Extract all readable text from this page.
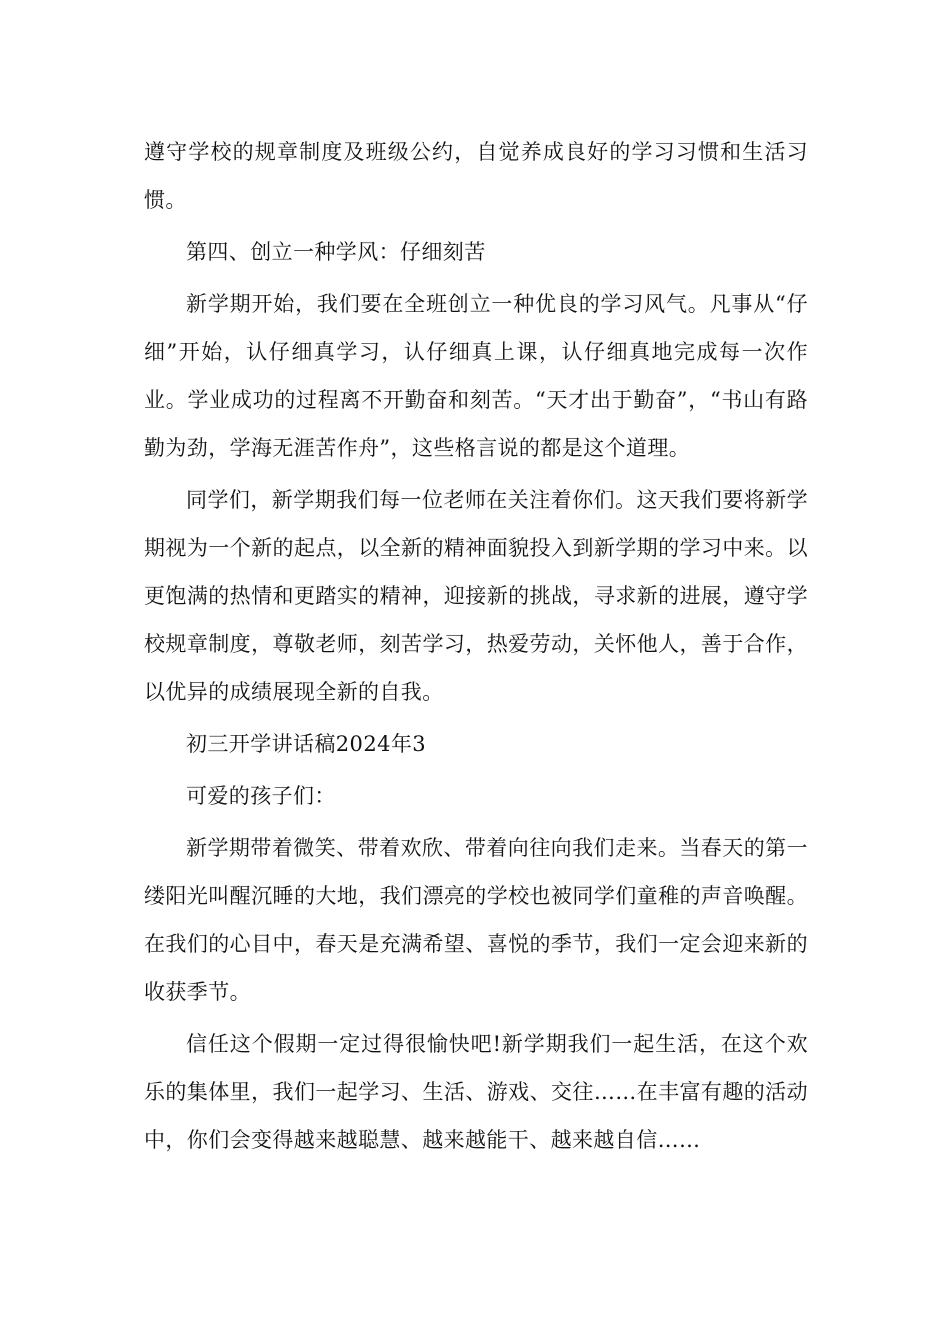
遵守学校的规章制度及班级公约，自觉养成良好的学习习惯和生活习惯。

第四、创立一种学风：仔细刻苦

新学期开始，我们要在全班创立一种优良的学习风气。凡事从“仔细”开始，认仔细真学习，认仔细真上课，认仔细真地完成每一次作业。学业成功的过程离不开勤奋和刻苦。“天才出于勤奋”，“书山有路勤为劲，学海无涯苦作舟”，这些格言说的都是这个道理。

同学们，新学期我们每一位老师在关注着你们。这天我们要将新学期视为一个新的起点，以全新的精神面貌投入到新学期的学习中来。以更饱满的热情和更踏实的精神，迎接新的挑战，寻求新的进展，遵守学校规章制度，尊敬老师，刻苦学习，热爱劳动，关怀他人，善于合作，以优异的成绩展现全新的自我。

初三开学讲话稿2024年3

可爱的孩子们：

新学期带着微笑、带着欢欣、带着向往向我们走来。当春天的第一缕阳光叫醒沉睡的大地，我们漂亮的学校也被同学们童稚的声音唤醒。在我们的心目中，春天是充满希望、喜悦的季节，我们一定会迎来新的收获季节。

信任这个假期一定过得很愉快吧!新学期我们一起生活，在这个欢乐的集体里，我们一起学习、生活、游戏、交往……在丰富有趣的活动中，你们会变得越来越聪慧、越来越能干、越来越自信……
